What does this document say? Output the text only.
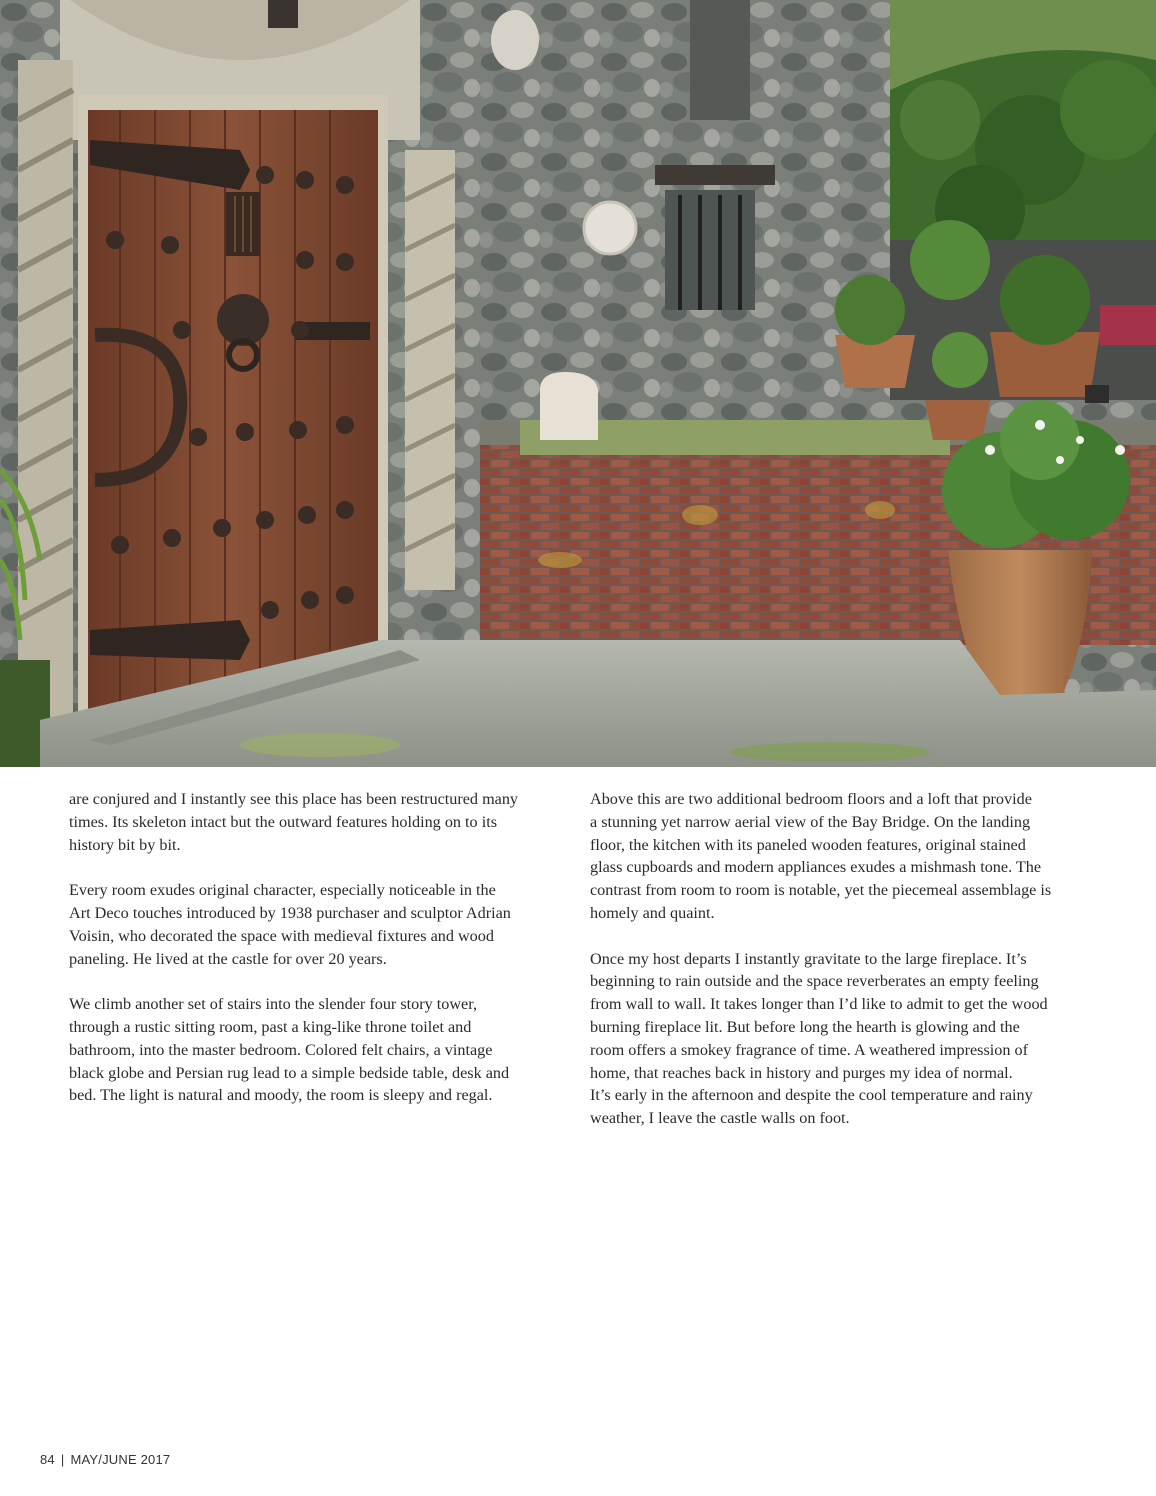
are conjured and I instantly see this place has been restructured many
times. Its skeleton intact but the outward features holding on to its
history bit by bit.

Every room exudes original character, especially noticeable in the
Art Deco touches introduced by 1938 purchaser and sculptor Adrian
Voisin, who decorated the space with medieval fixtures and wood
paneling. He lived at the castle for over 20 years.

We climb another set of stairs into the slender four story tower,
through a rustic sitting room, past a king-like throne toilet and
bathroom, into the master bedroom. Colored felt chairs, a vintage
black globe and Persian rug lead to a simple bedside table, desk and
bed. The light is natural and moody, the room is sleepy and regal.

Above this are two additional bedroom floors and a loft that provide
a stunning yet narrow aerial view of the Bay Bridge. On the landing
floor, the kitchen with its paneled wooden features, original stained
glass cupboards and modern appliances exudes a mishmash tone. The
contrast from room to room is notable, yet the piecemeal assemblage is
homely and quaint.

Once my host departs I instantly gravitate to the large fireplace. It’s
beginning to rain outside and the space reverberates an empty feeling
from wall to wall. It takes longer than I’d like to admit to get the wood
burning fireplace lit. But before long the hearth is glowing and the
room offers a smokey fragrance of time. A weathered impression of
home, that reaches back in history and purges my idea of normal.
It’s early in the afternoon and despite the cool temperature and rainy
weather, I leave the castle walls on foot.

84 | MAY/JUNE 2017
